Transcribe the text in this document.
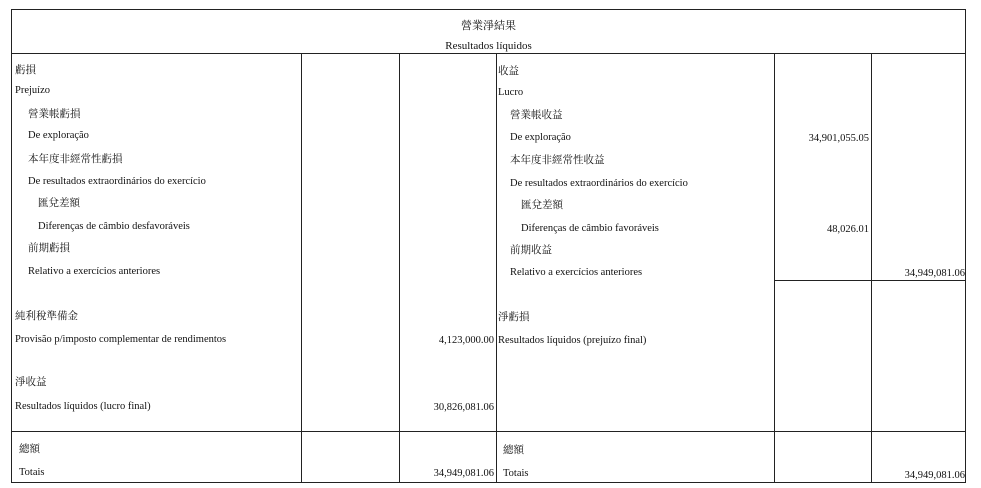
營業淨結果
Resultados líquidos
虧損
Prejuízo
營業帳虧損
De exploração
本年度非經常性虧損
De resultados extraordinários do exercício
匯兌差額
Diferenças de câmbio desfavoráveis
前期虧損
Relativo a exercícios anteriores
純利稅準備金
Provisão p/imposto complementar de rendimentos	4,123,000.00
淨收益
Resultados líquidos (lucro final)	30,826,081.06
總額
Totais	34,949,081.06
收益
Lucro
營業帳收益
De exploração	34,901,055.05
本年度非經常性收益
De resultados extraordinários do exercício
匯兌差額
Diferenças de câmbio favoráveis	48,026.01
前期收益
Relativo a exercícios anteriores	34,949,081.06
淨虧損
Resultados líquidos (prejuízo final)
總額
Totais	34,949,081.06
